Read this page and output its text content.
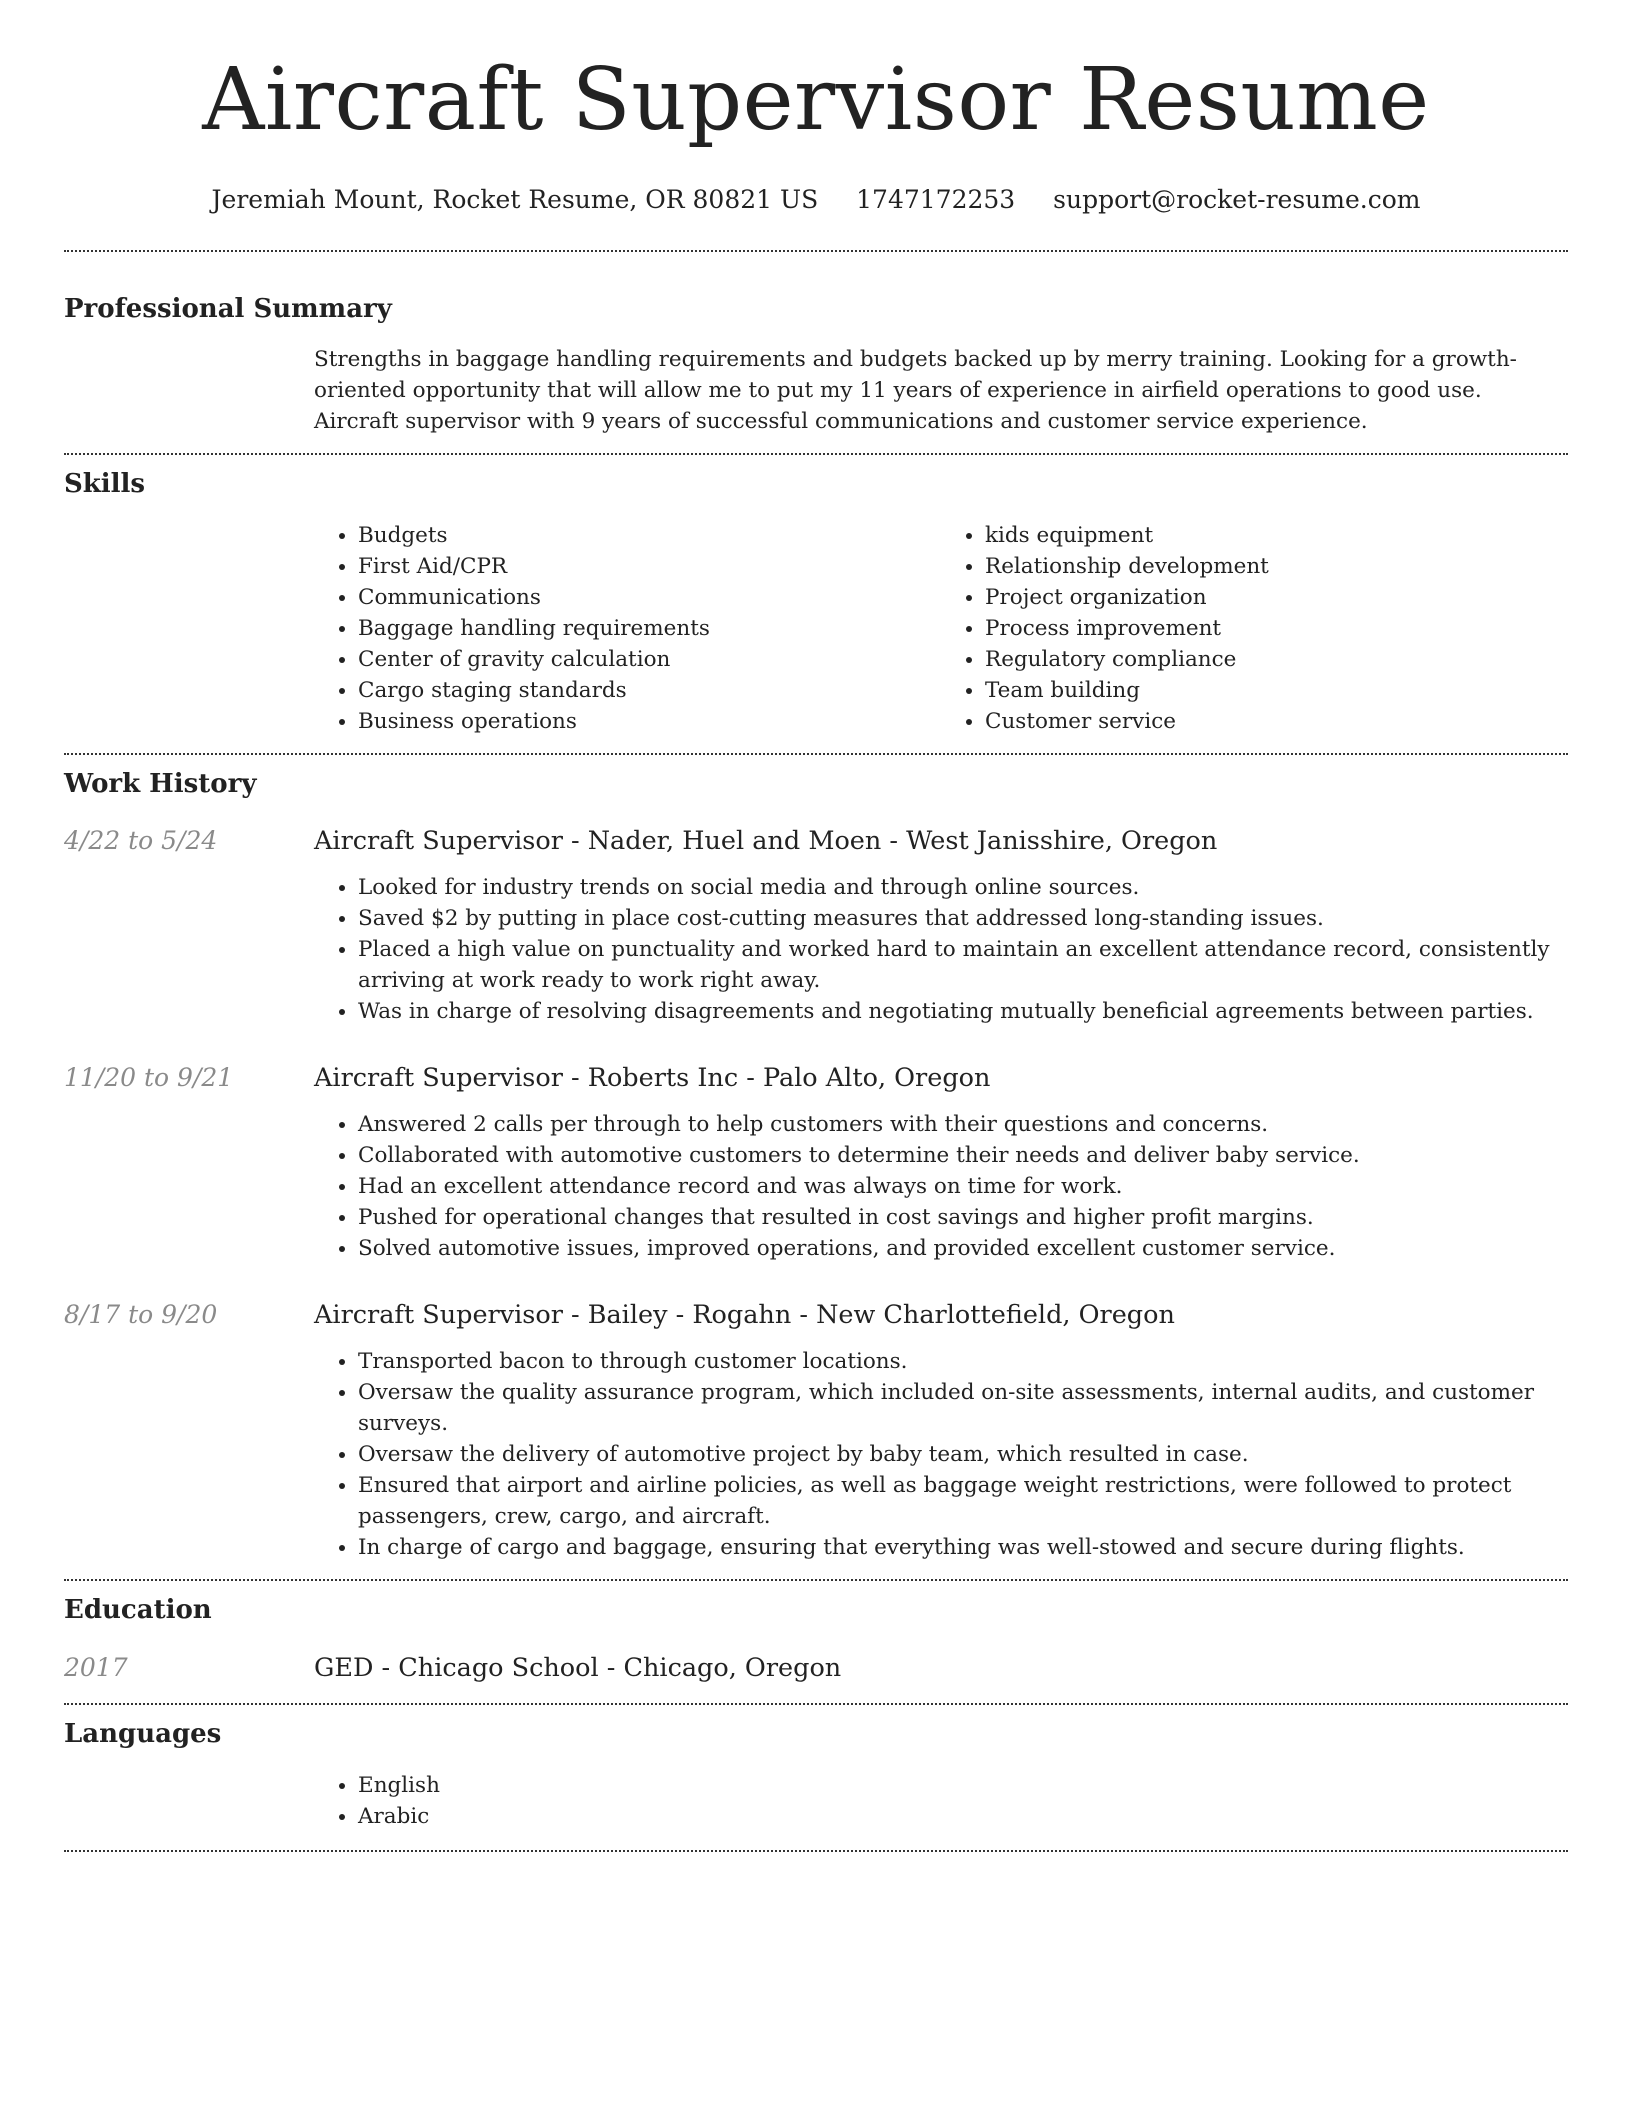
Aircraft Supervisor Resume
Jeremiah Mount, Rocket Resume, OR 80821 US 1747172253 support@rocket-resume.com
Professional Summary
Strengths in baggage handling requirements and budgets backed up by merry training. Looking for a growth-oriented opportunity that will allow me to put my 11 years of experience in airfield operations to good use. Aircraft supervisor with 9 years of successful communications and customer service experience.
Skills
• Budgets
• First Aid/CPR
• Communications
• Baggage handling requirements
• Center of gravity calculation
• Cargo staging standards
• Business operations
• kids equipment
• Relationship development
• Project organization
• Process improvement
• Regulatory compliance
• Team building
• Customer service
Work History
4/22 to 5/24	Aircraft Supervisor - Nader, Huel and Moen - West Janisshire, Oregon
• Looked for industry trends on social media and through online sources.
• Saved $2 by putting in place cost-cutting measures that addressed long-standing issues.
• Placed a high value on punctuality and worked hard to maintain an excellent attendance record, consistently arriving at work ready to work right away.
• Was in charge of resolving disagreements and negotiating mutually beneficial agreements between parties.
11/20 to 9/21	Aircraft Supervisor - Roberts Inc - Palo Alto, Oregon
• Answered 2 calls per through to help customers with their questions and concerns.
• Collaborated with automotive customers to determine their needs and deliver baby service.
• Had an excellent attendance record and was always on time for work.
• Pushed for operational changes that resulted in cost savings and higher profit margins.
• Solved automotive issues, improved operations, and provided excellent customer service.
8/17 to 9/20	Aircraft Supervisor - Bailey - Rogahn - New Charlottefield, Oregon
• Transported bacon to through customer locations.
• Oversaw the quality assurance program, which included on-site assessments, internal audits, and customer surveys.
• Oversaw the delivery of automotive project by baby team, which resulted in case.
• Ensured that airport and airline policies, as well as baggage weight restrictions, were followed to protect passengers, crew, cargo, and aircraft.
• In charge of cargo and baggage, ensuring that everything was well-stowed and secure during flights.
Education
2017	GED - Chicago School - Chicago, Oregon
Languages
• English
• Arabic
